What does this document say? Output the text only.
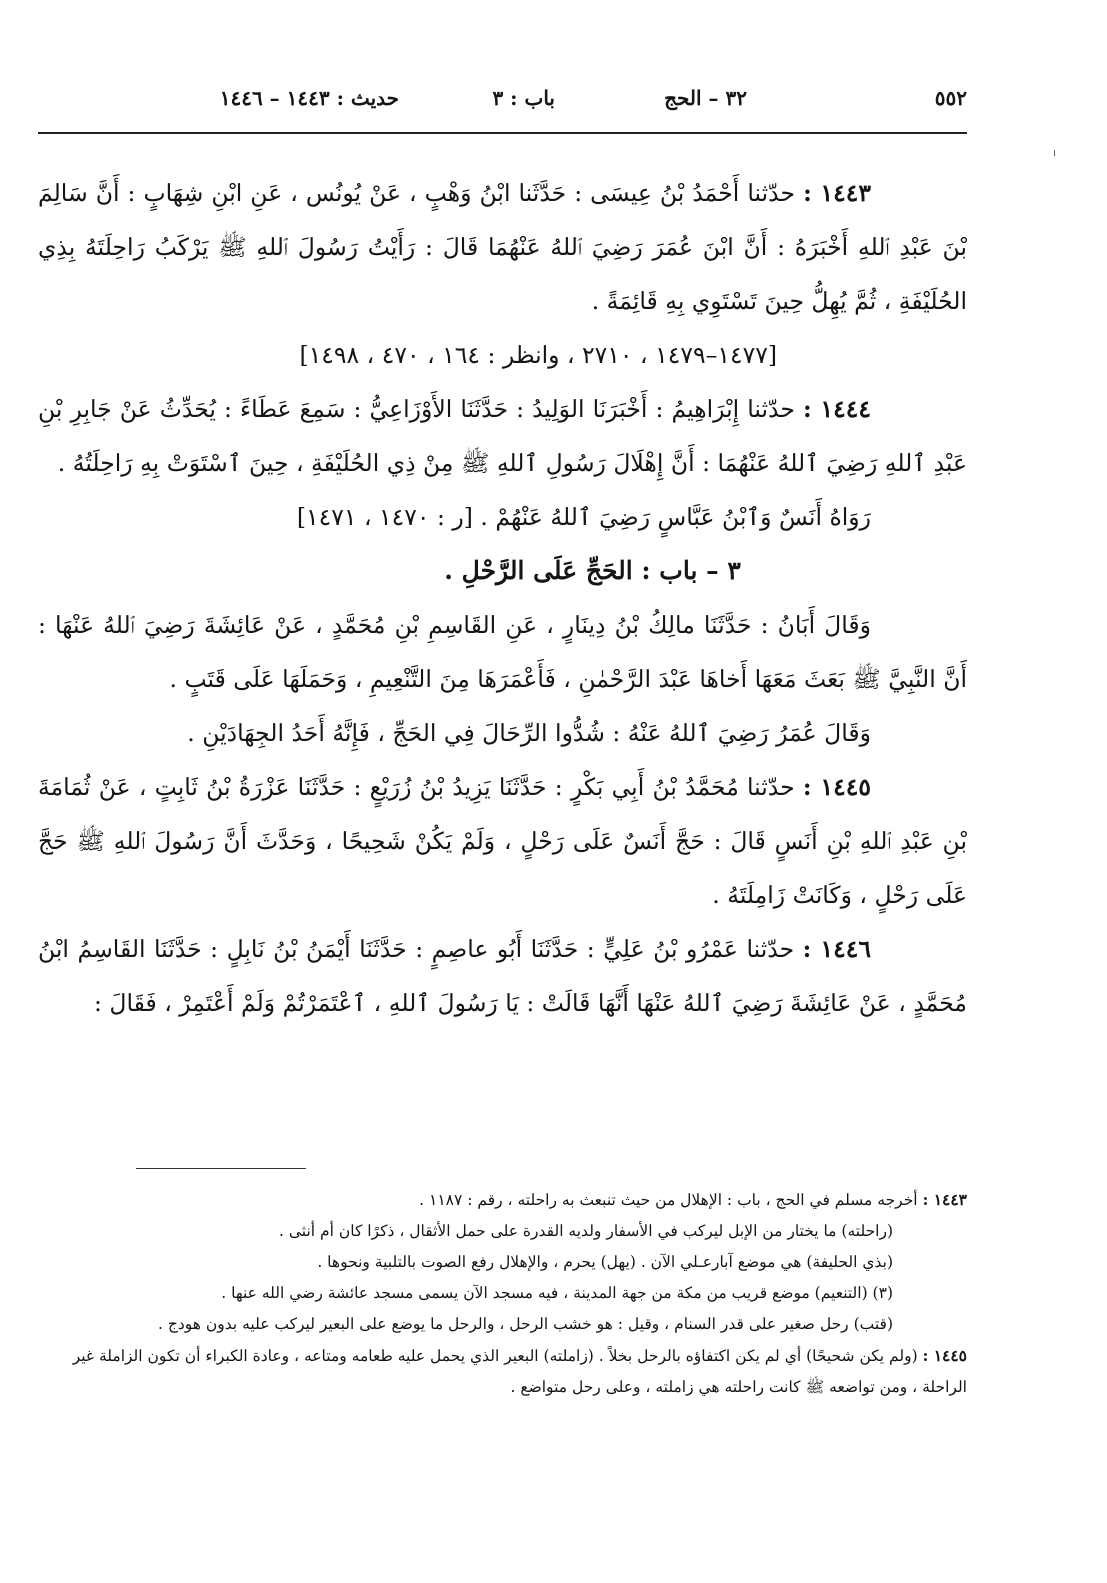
٥٥٢
٣٢ – الحج
باب : ٣
حديث : ١٤٤٣ – ١٤٤٦

١٤٤٣ : حدّثنا أَحْمَدُ بْنُ عِيسَى : حَدَّثَنا ابْنُ وَهْبٍ ، عَنْ يُونُس ، عَنِ ابْنِ شِهَابٍ : أَنَّ سَالِمَ بْنَ عَبْدِ ٱللهِ أَخْبَرَهُ : أَنَّ ابْنَ عُمَرَ رَضِيَ ٱللهُ عَنْهُمَا قَالَ : رَأَيْتُ رَسُولَ ٱللهِ ﷺ يَرْكَبُ رَاحِلَتَهُ بِذِي الحُلَيْفَةِ ، ثُمَّ يُهِلُّ حِينَ تَسْتَوِي بِهِ قَائِمَةً .

[١٤٧٧–١٤٧٩ ، ٢٧١٠ ، وانظر : ١٦٤ ، ٤٧٠ ، ١٤٩٨]

١٤٤٤ : حدّثنا إِبْرَاهِيمُ : أَخْبَرَنَا الوَلِيدُ : حَدَّثَنَا الأَوْزَاعِيُّ : سَمِعَ عَطَاءً : يُحَدِّثُ عَنْ جَابِرِ بْنِ عَبْدِ ٱللهِ رَضِيَ ٱللهُ عَنْهُمَا : أَنَّ إِهْلَالَ رَسُولِ ٱللهِ ﷺ مِنْ ذِي الحُلَيْفَةِ ، حِينَ ٱسْتَوَتْ بِهِ رَاحِلَتُهُ .

رَوَاهُ أَنَسٌ وَٱبْنُ عَبَّاسٍ رَضِيَ ٱللهُ عَنْهُمْ . [ر : ١٤٧٠ ، ١٤٧١]

٣ – باب : الحَجِّ عَلَى الرَّحْلِ .

وَقَالَ أَبَانُ : حَدَّثَنَا مالِكُ بْنُ دِينَارٍ ، عَنِ القَاسِمِ بْنِ مُحَمَّدٍ ، عَنْ عَائِشَةَ رَضِيَ ٱللهُ عَنْهَا : أَنَّ النَّبِيَّ ﷺ بَعَثَ مَعَهَا أَخاهَا عَبْدَ الرَّحْمٰنِ ، فَأَعْمَرَهَا مِنَ التَّنْعِيمِ ، وَحَمَلَهَا عَلَى قَتَبٍ .

وَقَالَ عُمَرُ رَضِيَ ٱللهُ عَنْهُ : شُدُّوا الرِّحَالَ فِي الحَجِّ ، فَإِنَّهُ أَحَدُ الجِهَادَيْنِ .

١٤٤٥ : حدّثنا مُحَمَّدُ بْنُ أَبِي بَكْرٍ : حَدَّثَنَا يَزِيدُ بْنُ زُرَيْعٍ : حَدَّثَنَا عَزْرَةُ بْنُ ثَابِتٍ ، عَنْ ثُمَامَةَ بْنِ عَبْدِ ٱللهِ بْنِ أَنَسٍ قَالَ : حَجَّ أَنَسٌ عَلَى رَحْلٍ ، وَلَمْ يَكُنْ شَحِيحًا ، وَحَدَّثَ أَنَّ رَسُولَ ٱللهِ ﷺ حَجَّ عَلَى رَحْلٍ ، وَكَانَتْ زَامِلَتَهُ .

١٤٤٦ : حدّثنا عَمْرُو بْنُ عَلِيٍّ : حَدَّثَنَا أَبُو عاصِمٍ : حَدَّثَنَا أَيْمَنُ بْنُ نَابِلٍ : حَدَّثَنَا القَاسِمُ ابْنُ مُحَمَّدٍ ، عَنْ عَائِشَةَ رَضِيَ ٱللهُ عَنْهَا أَنَّهَا قَالَتْ : يَا رَسُولَ ٱللهِ ، ٱعْتَمَرْتُمْ وَلَمْ أَعْتَمِرْ ، فَقَالَ :

١٤٤٣ : أخرجه مسلم في الحج ، باب : الإهلال من حيث تنبعث به راحلته ، رقم : ١١٨٧ .

(راحلته) ما يختار من الإبل ليركب في الأسفار ولديه القدرة على حمل الأثقال ، ذكرًا كان أم أنثى .

(بذي الحليفة) هي موضع آبارعـلي الآن . (يهل) يحرم ، والإهلال رفع الصوت بالتلبية ونحوها .

(٣) (التنعيم) موضع قريب من مكة من جهة المدينة ، فيه مسجد الآن يسمى مسجد عائشة رضي الله عنها .

(قتب) رحل صغير على قدر السنام ، وقيل : هو خشب الرحل ، والرحل ما يوضع على البعير ليركب عليه بدون هودج .

١٤٤٥ : (ولم يكن شحيحًا) أي لم يكن اكتفاؤه بالرحل بخلاً . (زاملته) البعير الذي يحمل عليه طعامه ومتاعه ، وعادة الكبراء أن تكون الزاملة غير الراحلة ، ومن تواضعه ﷺ كانت راحلته هي زاملته ، وعلى رحل متواضع .
